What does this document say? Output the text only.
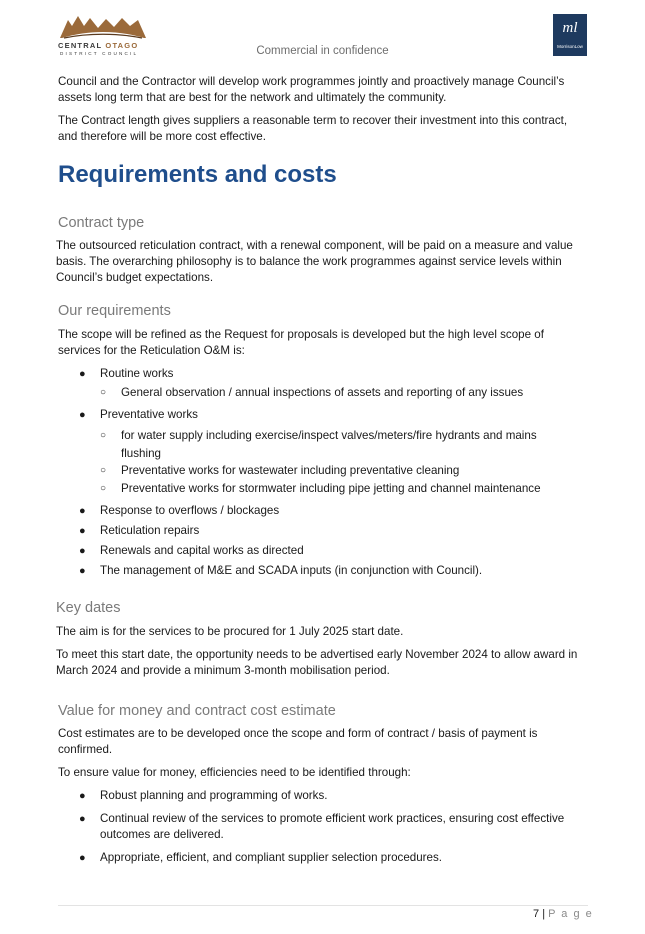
CENTRAL OTAGO
DISTRICT COUNCIL	Commercial in confidence
ml
MorrisonLow
Council and the Contractor will develop work programmes jointly and proactively manage Council’s assets long term that are best for the network and ultimately the community.
The Contract length gives suppliers a reasonable term to recover their investment into this contract, and therefore will be more cost effective.
Requirements and costs
Contract type
The outsourced reticulation contract, with a renewal component, will be paid on a measure and value basis. The overarching philosophy is to balance the work programmes against service levels within Council’s budget expectations.
Our requirements
The scope will be refined as the Request for proposals is developed but the high level scope of services for the Reticulation O&M is:
● Routine works
○ General observation / annual inspections of assets and reporting of any issues
● Preventative works
○ for water supply including exercise/inspect valves/meters/fire hydrants and mains flushing
○ Preventative works for wastewater including preventative cleaning
○ Preventative works for stormwater including pipe jetting and channel maintenance
● Response to overflows / blockages
● Reticulation repairs
● Renewals and capital works as directed
● The management of M&E and SCADA inputs (in conjunction with Council).
Key dates
The aim is for the services to be procured for 1 July 2025 start date.
To meet this start date, the opportunity needs to be advertised early November 2024 to allow award in March 2024 and provide a minimum 3-month mobilisation period.
Value for money and contract cost estimate
Cost estimates are to be developed once the scope and form of contract / basis of payment is confirmed.
To ensure value for money, efficiencies need to be identified through:
● Robust planning and programming of works.
● Continual review of the services to promote efficient work practices, ensuring cost effective outcomes are delivered.
● Appropriate, efficient, and compliant supplier selection procedures.
7 | P a g e
